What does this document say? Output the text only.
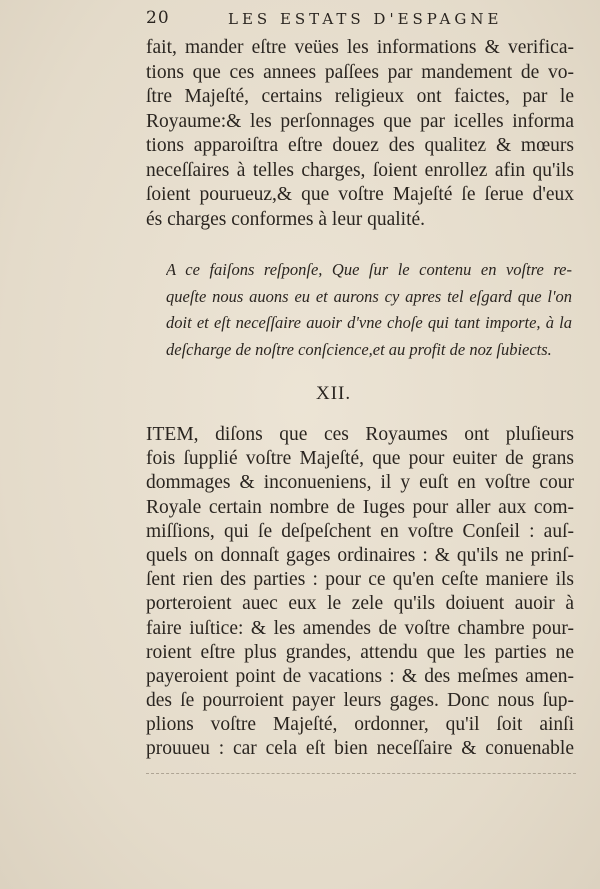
20	LES ESTATS D'ESPAGNE
fait, mander eſtre veües les informations & verifica-
tions que ces annees paſſees par mandement de vo-
ſtre Majeſté, certains religieux ont faictes, par le
Royaume:& les perſonnages que par icelles informa
tions apparoiſtra eſtre douez des qualitez & mœurs
neceſſaires à telles charges, ſoient enrollez afin qu'ils
ſoient pourueuz,& que voſtre Majeſté ſe ſerue d'eux
és charges conformes à leur qualité.
A ce faiſons reſponſe, Que ſur le contenu en voſtre re-
queſte nous auons eu et aurons cy apres tel eſgard que l'on
doit et eſt neceſſaire auoir d'vne choſe qui tant importe, à la
deſcharge de noſtre conſcience,et au profit de noz ſubiects.
XII.
ITEM, diſons que ces Royaumes ont pluſieurs
fois ſupplié voſtre Majeſté, que pour euiter de grans
dommages & inconueniens, il y euſt en voſtre cour
Royale certain nombre de Iuges pour aller aux com-
miſſions, qui ſe deſpeſchent en voſtre Conſeil : auſ-
quels on donnaſt gages ordinaires : & qu'ils ne prinſ-
ſent rien des parties : pour ce qu'en ceſte maniere ils
porteroient auec eux le zele qu'ils doiuent auoir à
faire iuſtice: & les amendes de voſtre chambre pour-
roient eſtre plus grandes, attendu que les parties ne
payeroient point de vacations : & des meſmes amen-
des ſe pourroient payer leurs gages. Donc nous ſup-
plions voſtre Majeſté, ordonner, qu'il ſoit ainſi
prouueu : car cela eſt bien neceſſaire & conuenable
